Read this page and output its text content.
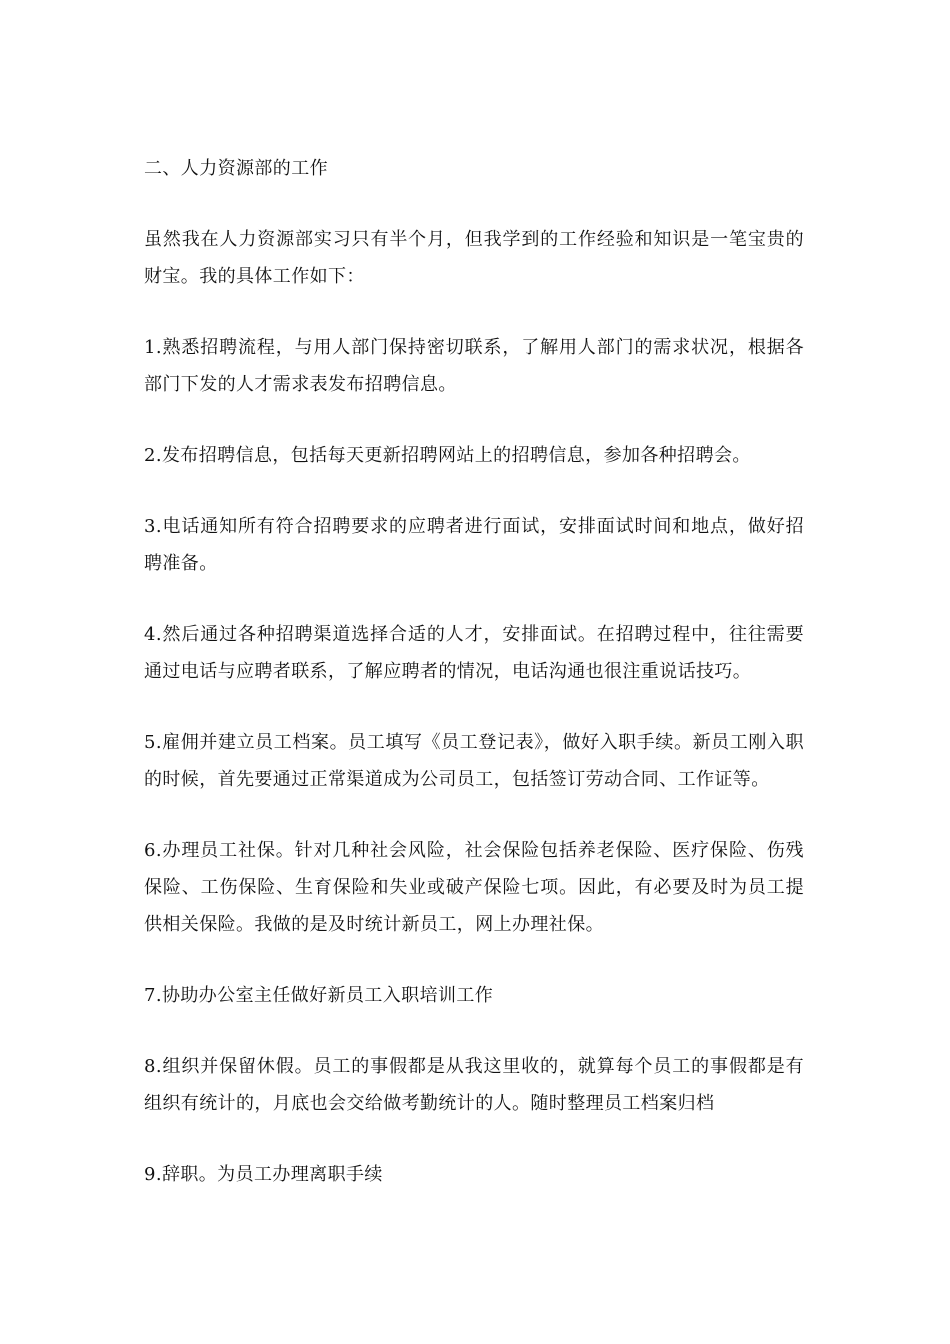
二、人力资源部的工作

虽然我在人力资源部实习只有半个月，但我学到的工作经验和知识是一笔宝贵的财宝。我的具体工作如下：

1.熟悉招聘流程，与用人部门保持密切联系，了解用人部门的需求状况，根据各部门下发的人才需求表发布招聘信息。

2.发布招聘信息，包括每天更新招聘网站上的招聘信息，参加各种招聘会。

3.电话通知所有符合招聘要求的应聘者进行面试，安排面试时间和地点，做好招聘准备。

4.然后通过各种招聘渠道选择合适的人才，安排面试。在招聘过程中，往往需要通过电话与应聘者联系，了解应聘者的情况，电话沟通也很注重说话技巧。

5.雇佣并建立员工档案。员工填写《员工登记表》，做好入职手续。新员工刚入职的时候，首先要通过正常渠道成为公司员工，包括签订劳动合同、工作证等。

6.办理员工社保。针对几种社会风险，社会保险包括养老保险、医疗保险、伤残保险、工伤保险、生育保险和失业或破产保险七项。因此，有必要及时为员工提供相关保险。我做的是及时统计新员工，网上办理社保。

7.协助办公室主任做好新员工入职培训工作

8.组织并保留休假。员工的事假都是从我这里收的，就算每个员工的事假都是有组织有统计的，月底也会交给做考勤统计的人。随时整理员工档案归档

9.辞职。为员工办理离职手续
